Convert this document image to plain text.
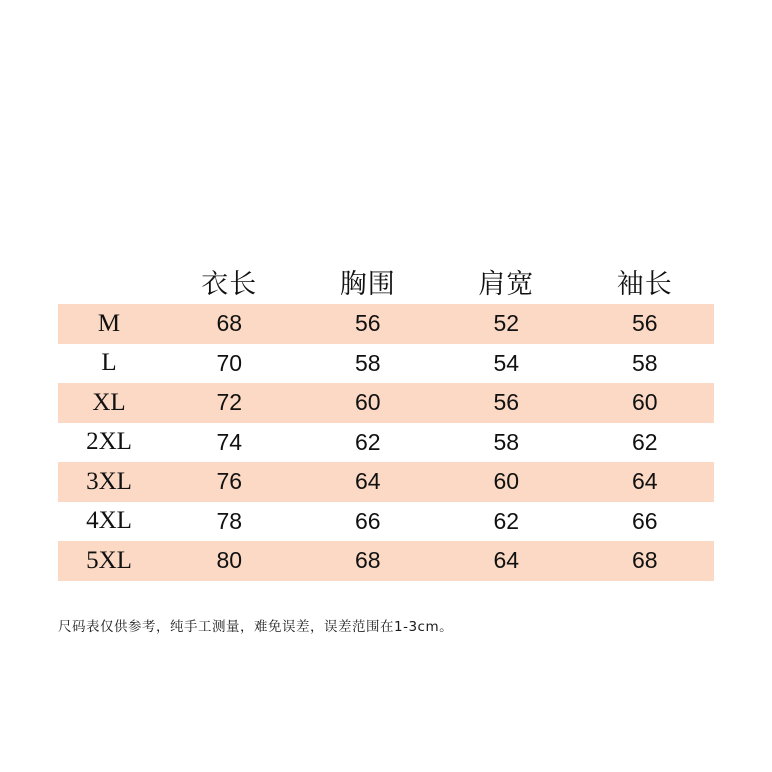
	衣长	胸围	肩宽	袖长
M	68	56	52	56
L	70	58	54	58
XL	72	60	56	60
2XL	74	62	58	62
3XL	76	64	60	64
4XL	78	66	62	66
5XL	80	68	64	68
尺码表仅供参考，纯手工测量，难免误差，误差范围在1-3cm。
